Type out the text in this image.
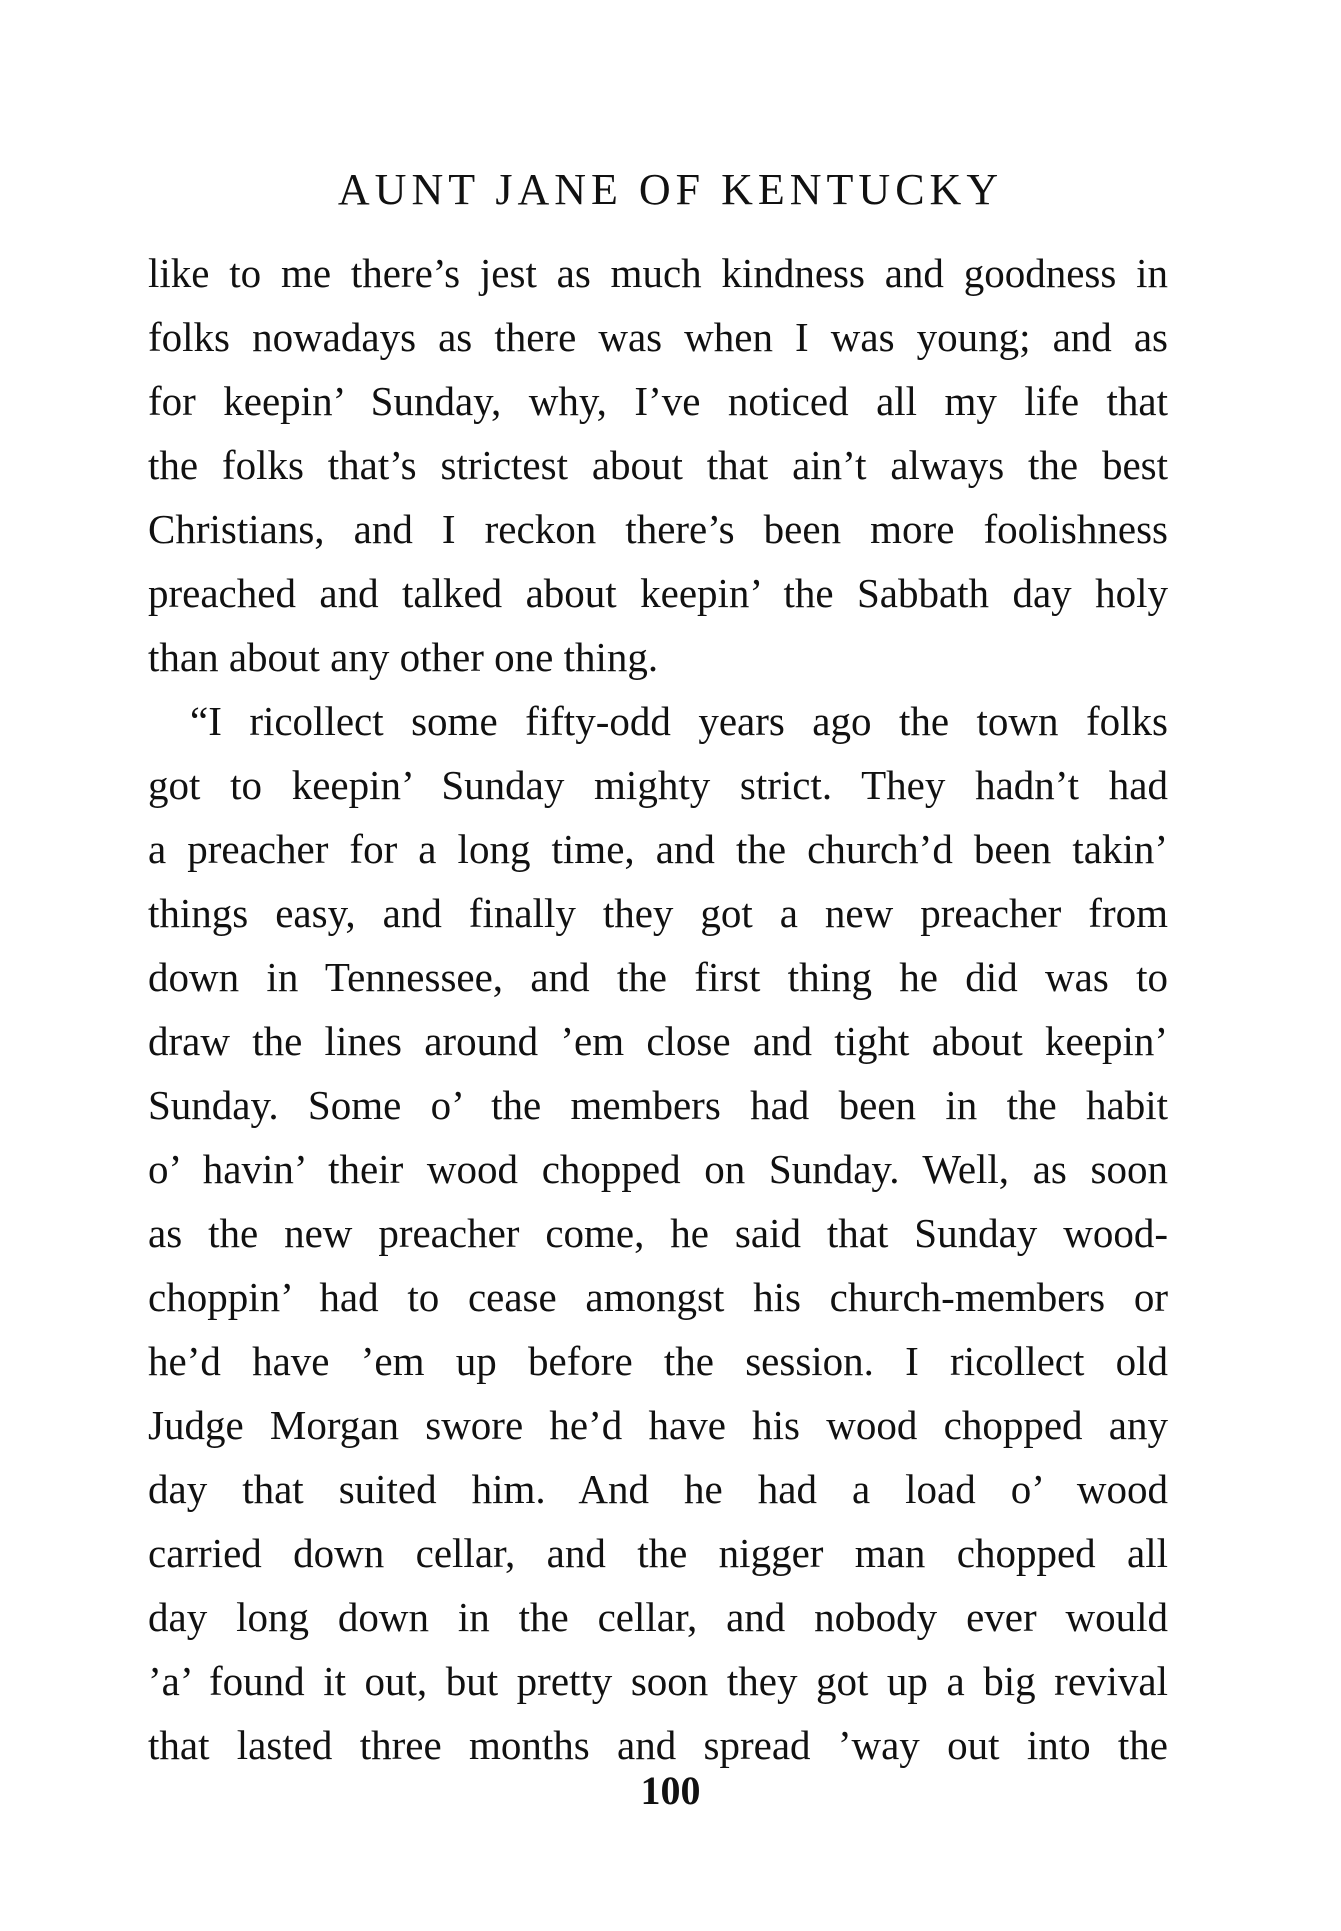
AUNT JANE OF KENTUCKY
like to me there’s jest as much kindness and goodness in
folks nowadays as there was when I was young; and as
for keepin’ Sunday, why, I’ve noticed all my life that
the folks that’s strictest about that ain’t always the best
Christians, and I reckon there’s been more foolishness
preached and talked about keepin’ the Sabbath day holy
than about any other one thing.
“I ricollect some fifty-odd years ago the town folks
got to keepin’ Sunday mighty strict. They hadn’t had
a preacher for a long time, and the church’d been takin’
things easy, and finally they got a new preacher from
down in Tennessee, and the first thing he did was to
draw the lines around ’em close and tight about keepin’
Sunday. Some o’ the members had been in the habit
o’ havin’ their wood chopped on Sunday. Well, as soon
as the new preacher come, he said that Sunday wood-
choppin’ had to cease amongst his church-members or
he’d have ’em up before the session. I ricollect old
Judge Morgan swore he’d have his wood chopped any
day that suited him. And he had a load o’ wood
carried down cellar, and the nigger man chopped all
day long down in the cellar, and nobody ever would
’a’ found it out, but pretty soon they got up a big revival
that lasted three months and spread ’way out into the
100
